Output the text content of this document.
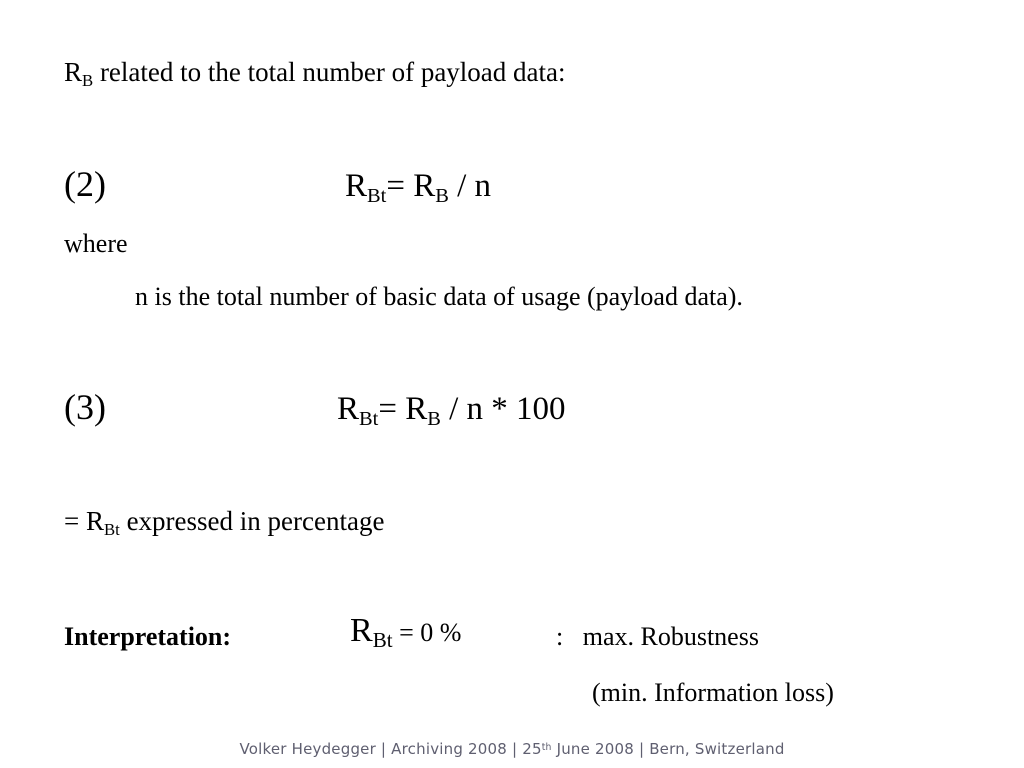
$R_B$ related to the total number of payload data:
(2)	$R_{Bt}= R_B / n$
where
n is the total number of basic data of usage (payload data).
(3)	$R_{Bt}= R_B / n * 100$
= $R_{Bt}$ expressed in percentage
Interpretation:	$R_{Bt} = 0$ %	: max. Robustness
(min. Information loss)
Volker Heydegger | Archiving 2008 | 25th June 2008 | Bern, Switzerland
